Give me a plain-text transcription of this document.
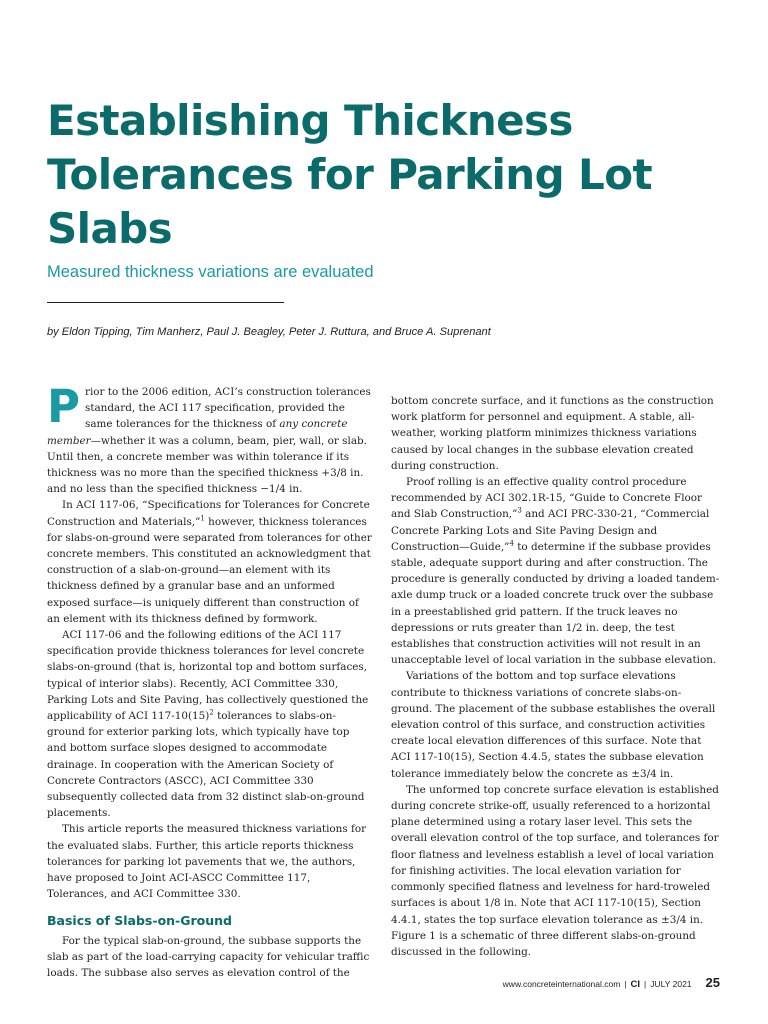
Establishing Thickness Tolerances for Parking Lot Slabs

Measured thickness variations are evaluated

by Eldon Tipping, Tim Manherz, Paul J. Beagley, Peter J. Ruttura, and Bruce A. Suprenant

Prior to the 2006 edition, ACI’s construction tolerances standard, the ACI 117 specification, provided the same tolerances for the thickness of any concrete member—whether it was a column, beam, pier, wall, or slab. Until then, a concrete member was within tolerance if its thickness was no more than the specified thickness +3/8 in. and no less than the specified thickness −1/4 in.

In ACI 117-06, “Specifications for Tolerances for Concrete Construction and Materials,”$^1$ however, thickness tolerances for slabs-on-ground were separated from tolerances for other concrete members. This constituted an acknowledgment that construction of a slab-on-ground—an element with its thickness defined by a granular base and an unformed exposed surface—is uniquely different than construction of an element with its thickness defined by formwork.

ACI 117-06 and the following editions of the ACI 117 specification provide thickness tolerances for level concrete slabs-on-ground (that is, horizontal top and bottom surfaces, typical of interior slabs). Recently, ACI Committee 330, Parking Lots and Site Paving, has collectively questioned the applicability of ACI $117-10(15)^2$ tolerances to slabs-on-ground for exterior parking lots, which typically have top and bottom surface slopes designed to accommodate drainage. In cooperation with the American Society of Concrete Contractors (ASCC), ACI Committee 330 subsequently collected data from 32 distinct slab-on-ground placements.

This article reports the measured thickness variations for the evaluated slabs. Further, this article reports thickness tolerances for parking lot pavements that we, the authors, have proposed to Joint ACI-ASCC Committee 117, Tolerances, and ACI Committee 330.

Basics of Slabs-on-Ground

For the typical slab-on-ground, the subbase supports the slab as part of the load-carrying capacity for vehicular traffic loads. The subbase also serves as elevation control of the

bottom concrete surface, and it functions as the construction work platform for personnel and equipment. A stable, all-weather, working platform minimizes thickness variations caused by local changes in the subbase elevation created during construction.

Proof rolling is an effective quality control procedure recommended by ACI 302.1R-15, “Guide to Concrete Floor and Slab Construction,”$^3$ and ACI PRC-330-21, “Commercial Concrete Parking Lots and Site Paving Design and Construction—Guide,”$^4$ to determine if the subbase provides stable, adequate support during and after construction. The procedure is generally conducted by driving a loaded tandem-axle dump truck or a loaded concrete truck over the subbase in a preestablished grid pattern. If the truck leaves no depressions or ruts greater than 1/2 in. deep, the test establishes that construction activities will not result in an unacceptable level of local variation in the subbase elevation.

Variations of the bottom and top surface elevations contribute to thickness variations of concrete slabs-on-ground. The placement of the subbase establishes the overall elevation control of this surface, and construction activities create local elevation differences of this surface. Note that ACI 117-10(15), Section 4.4.5, states the subbase elevation tolerance immediately below the concrete as ±3/4 in.

The unformed top concrete surface elevation is established during concrete strike-off, usually referenced to a horizontal plane determined using a rotary laser level. This sets the overall elevation control of the top surface, and tolerances for floor flatness and levelness establish a level of local variation for finishing activities. The local elevation variation for commonly specified flatness and levelness for hard-troweled surfaces is about 1/8 in. Note that ACI 117-10(15), Section 4.4.1, states the top surface elevation tolerance as ±3/4 in. Figure 1 is a schematic of three different slabs-on-ground discussed in the following.

www.concreteinternational.com | CI | JULY 2021 25
